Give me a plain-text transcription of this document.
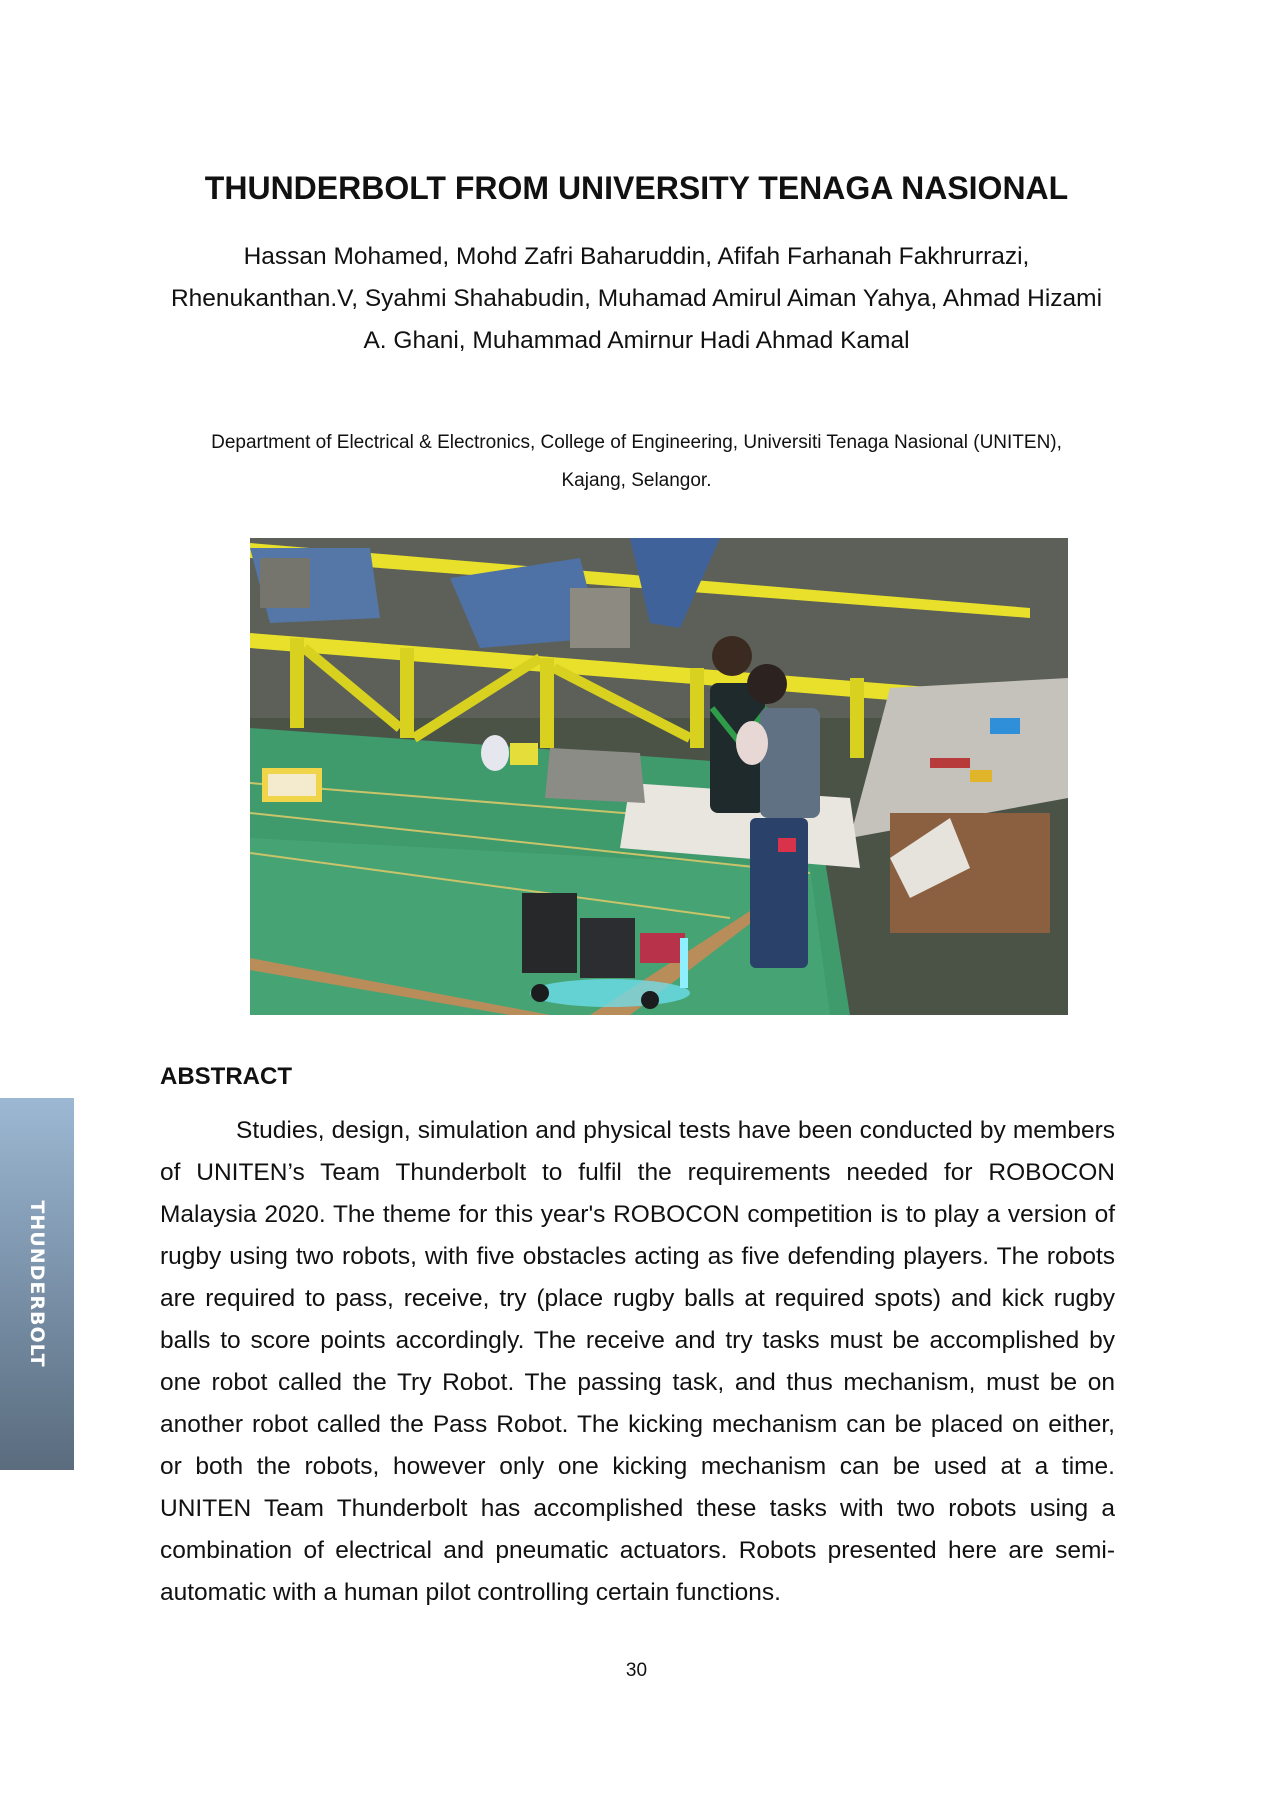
THUNDERBOLT FROM UNIVERSITY TENAGA NASIONAL
Hassan Mohamed, Mohd Zafri Baharuddin, Afifah Farhanah Fakhrurrazi, Rhenukanthan.V, Syahmi Shahabudin, Muhamad Amirul Aiman Yahya, Ahmad Hizami A. Ghani, Muhammad Amirnur Hadi Ahmad Kamal
Department of Electrical & Electronics, College of Engineering, Universiti Tenaga Nasional (UNITEN), Kajang, Selangor.
ABSTRACT
Studies, design, simulation and physical tests have been conducted by members of UNITEN’s Team Thunderbolt to fulfil the requirements needed for ROBOCON Malaysia 2020. The theme for this year's ROBOCON competition is to play a version of rugby using two robots, with five obstacles acting as five defending players. The robots are required to pass, receive, try (place rugby balls at required spots) and kick rugby balls to score points accordingly. The receive and try tasks must be accomplished by one robot called the Try Robot. The passing task, and thus mechanism, must be on another robot called the Pass Robot. The kicking mechanism can be placed on either, or both the robots, however only one kicking mechanism can be used at a time. UNITEN Team Thunderbolt has accomplished these tasks with two robots using a combination of electrical and pneumatic actuators. Robots presented here are semi-automatic with a human pilot controlling certain functions.
30
THUNDERBOLT
